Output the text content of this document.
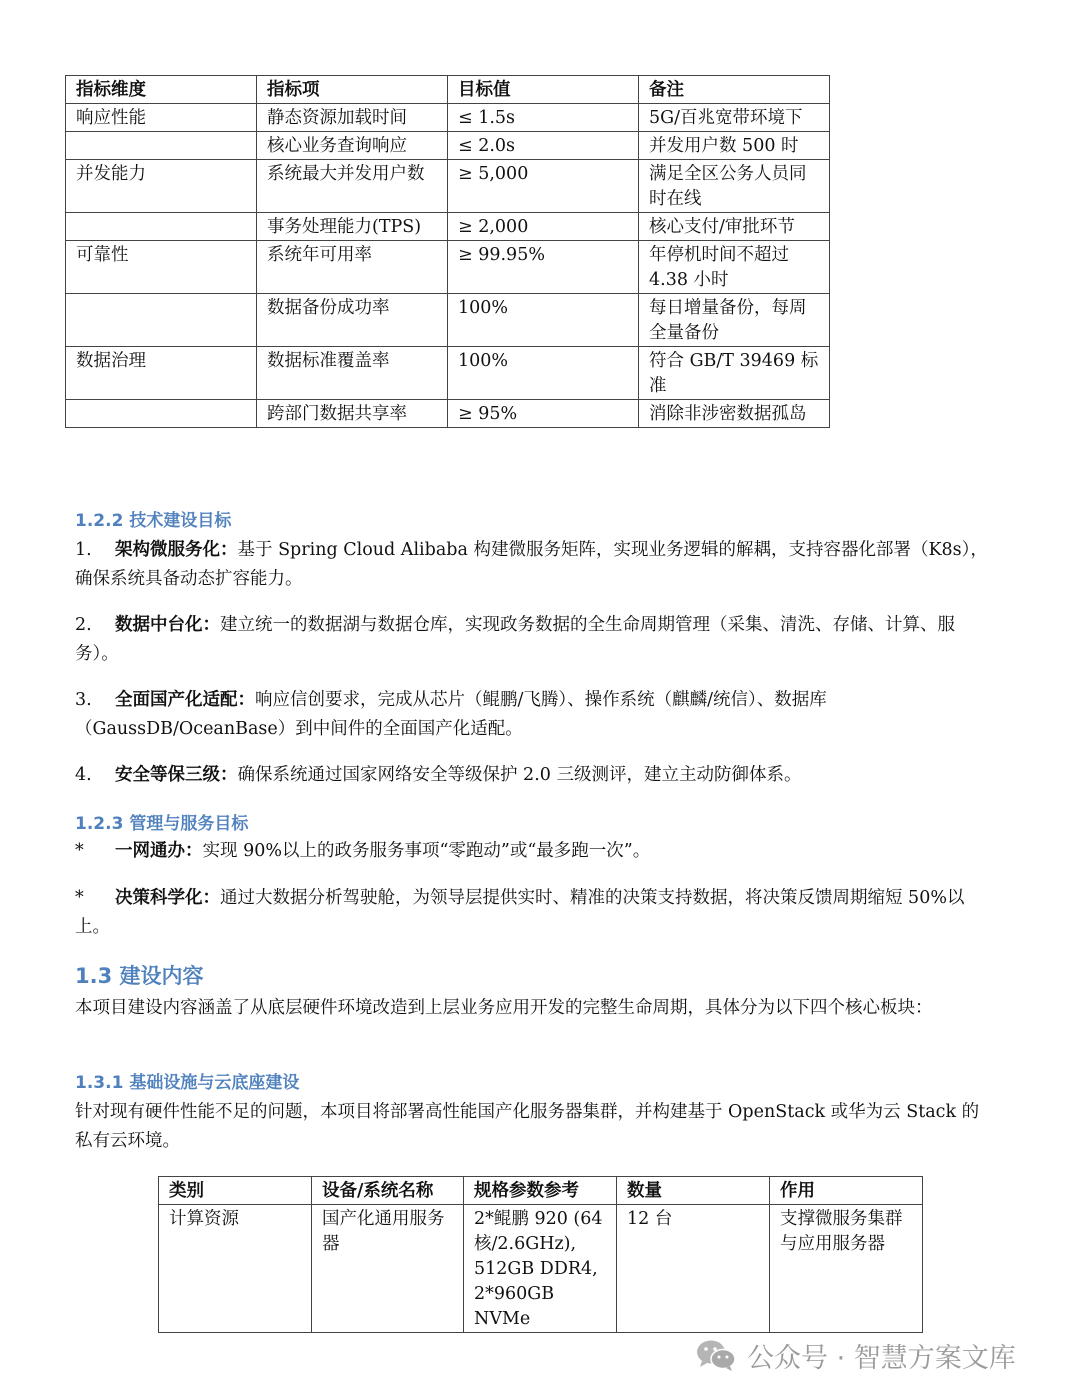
指标维度	指标项	目标值	备注
响应性能	静态资源加载时间	≤ 1.5s	5G/百兆宽带环境下
	核心业务查询响应	≤ 2.0s	并发用户数 500 时
并发能力	系统最大并发用户数	≥ 5,000	满足全区公务人员同时在线
	事务处理能力(TPS)	≥ 2,000	核心支付/审批环节
可靠性	系统年可用率	≥ 99.95%	年停机时间不超过 4.38 小时
	数据备份成功率	100%	每日增量备份，每周全量备份
数据治理	数据标准覆盖率	100%	符合 GB/T 39469 标准
	跨部门数据共享率	≥ 95%	消除非涉密数据孤岛
1.2.2 技术建设目标
1. 架构微服务化：基于 Spring Cloud Alibaba 构建微服务矩阵，实现业务逻辑的解耦，支持容器化部署（K8s），确保系统具备动态扩容能力。
2. 数据中台化：建立统一的数据湖与数据仓库，实现政务数据的全生命周期管理（采集、清洗、存储、计算、服务）。
3. 全面国产化适配：响应信创要求，完成从芯片（鲲鹏/飞腾）、操作系统（麒麟/统信）、数据库（GaussDB/OceanBase）到中间件的全面国产化适配。
4. 安全等保三级：确保系统通过国家网络安全等级保护 2.0 三级测评，建立主动防御体系。
1.2.3 管理与服务目标
* 一网通办：实现 90%以上的政务服务事项“零跑动”或“最多跑一次”。
* 决策科学化：通过大数据分析驾驶舱，为领导层提供实时、精准的决策支持数据，将决策反馈周期缩短 50%以上。
1.3 建设内容
本项目建设内容涵盖了从底层硬件环境改造到上层业务应用开发的完整生命周期，具体分为以下四个核心板块：
1.3.1 基础设施与云底座建设
针对现有硬件性能不足的问题，本项目将部署高性能国产化服务器集群，并构建基于 OpenStack 或华为云 Stack 的私有云环境。
类别	设备/系统名称	规格参数参考	数量	作用
计算资源	国产化通用服务器	2*鲲鹏 920 (64 核/2.6GHz), 512GB DDR4, 2*960GB NVMe	12 台	支撑微服务集群与应用服务器
公众号 · 智慧方案文库
